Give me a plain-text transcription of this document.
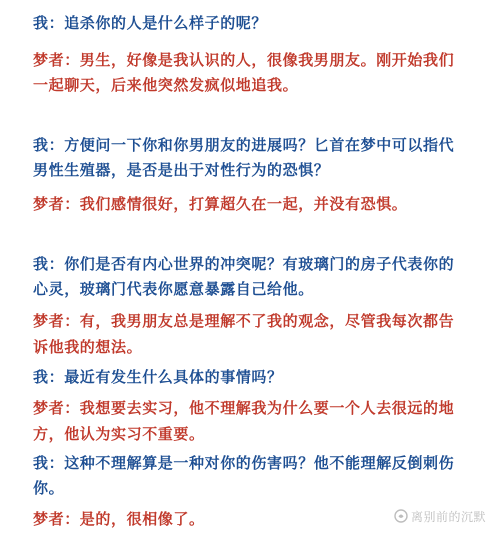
我：追杀你的人是什么样子的呢？
梦者：男生，好像是我认识的人，很像我男朋友。刚开始我们
一起聊天，后来他突然发疯似地追我。
我：方便问一下你和你男朋友的进展吗？匕首在梦中可以指代
男性生殖器，是否是出于对性行为的恐惧？
梦者：我们感情很好，打算超久在一起，并没有恐惧。
我：你们是否有内心世界的冲突呢？有玻璃门的房子代表你的
心灵，玻璃门代表你愿意暴露自己给他。
梦者：有，我男朋友总是理解不了我的观念，尽管我每次都告
诉他我的想法。
我：最近有发生什么具体的事情吗？
梦者：我想要去实习，他不理解我为什么要一个人去很远的地
方，他认为实习不重要。
我：这种不理解算是一种对你的伤害吗？他不能理解反倒刺伤
你。
梦者：是的，很相像了。	离别前的沉默
